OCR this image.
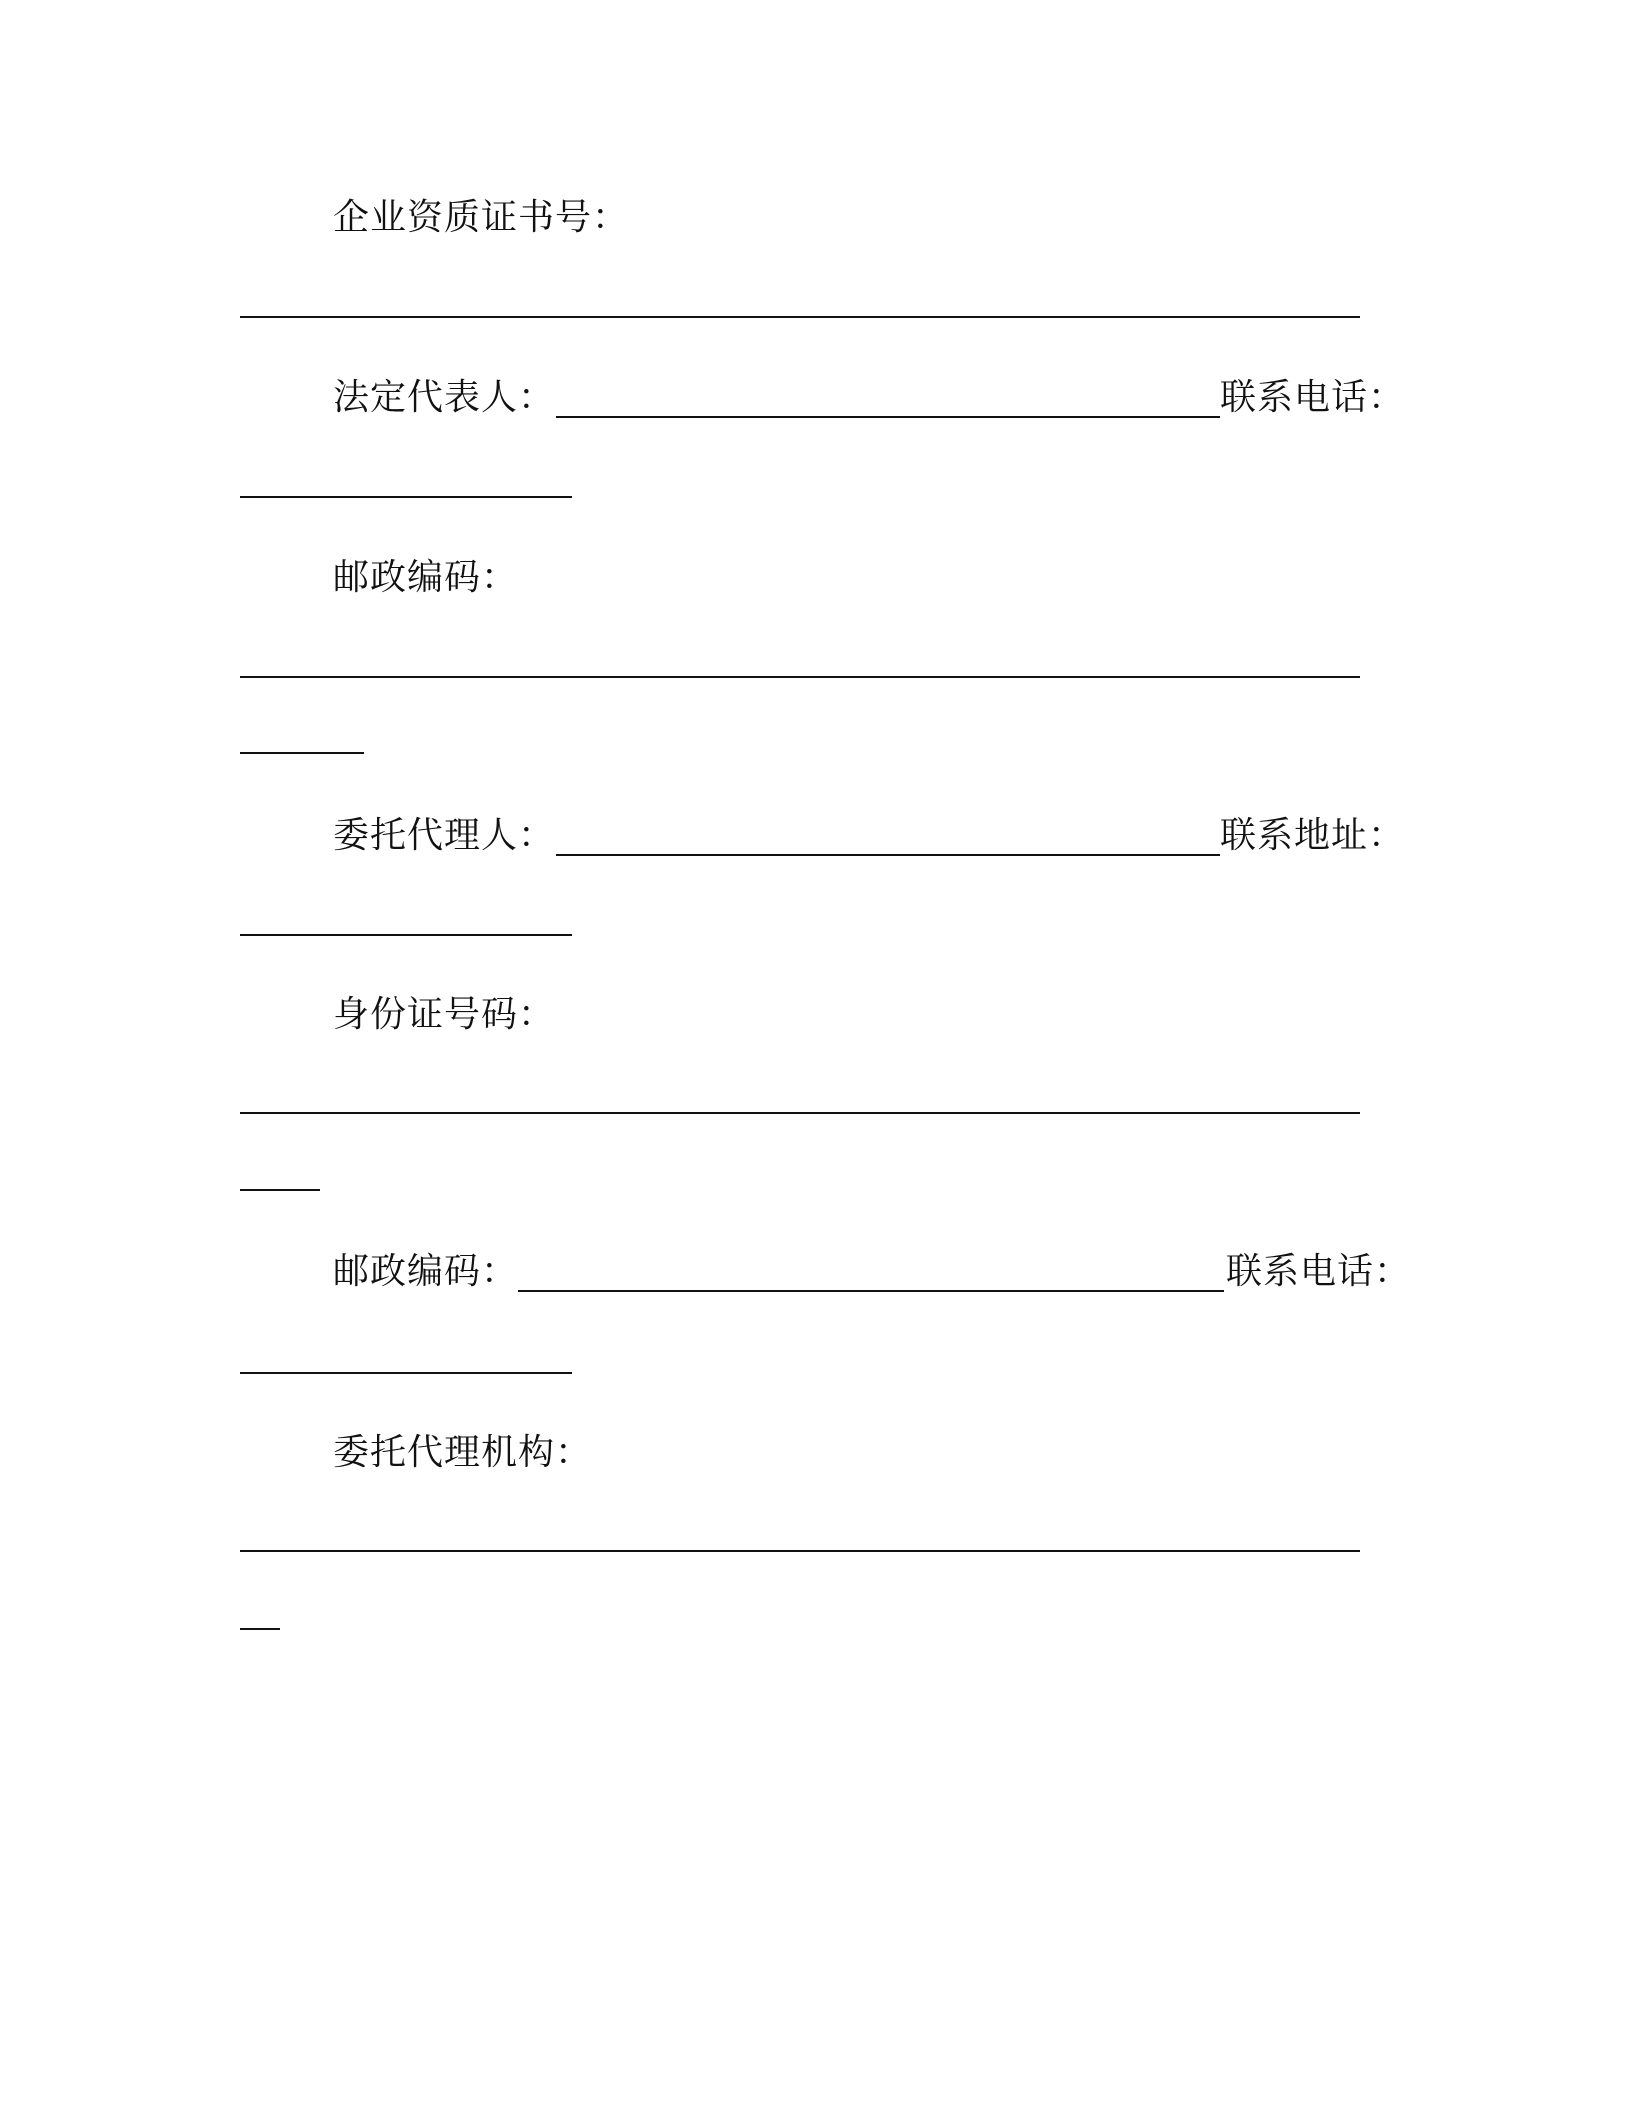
企业资质证书号：
法定代表人：	联系电话：
邮政编码：
委托代理人：	联系地址：
身份证号码：
邮政编码：	联系电话：
委托代理机构：
